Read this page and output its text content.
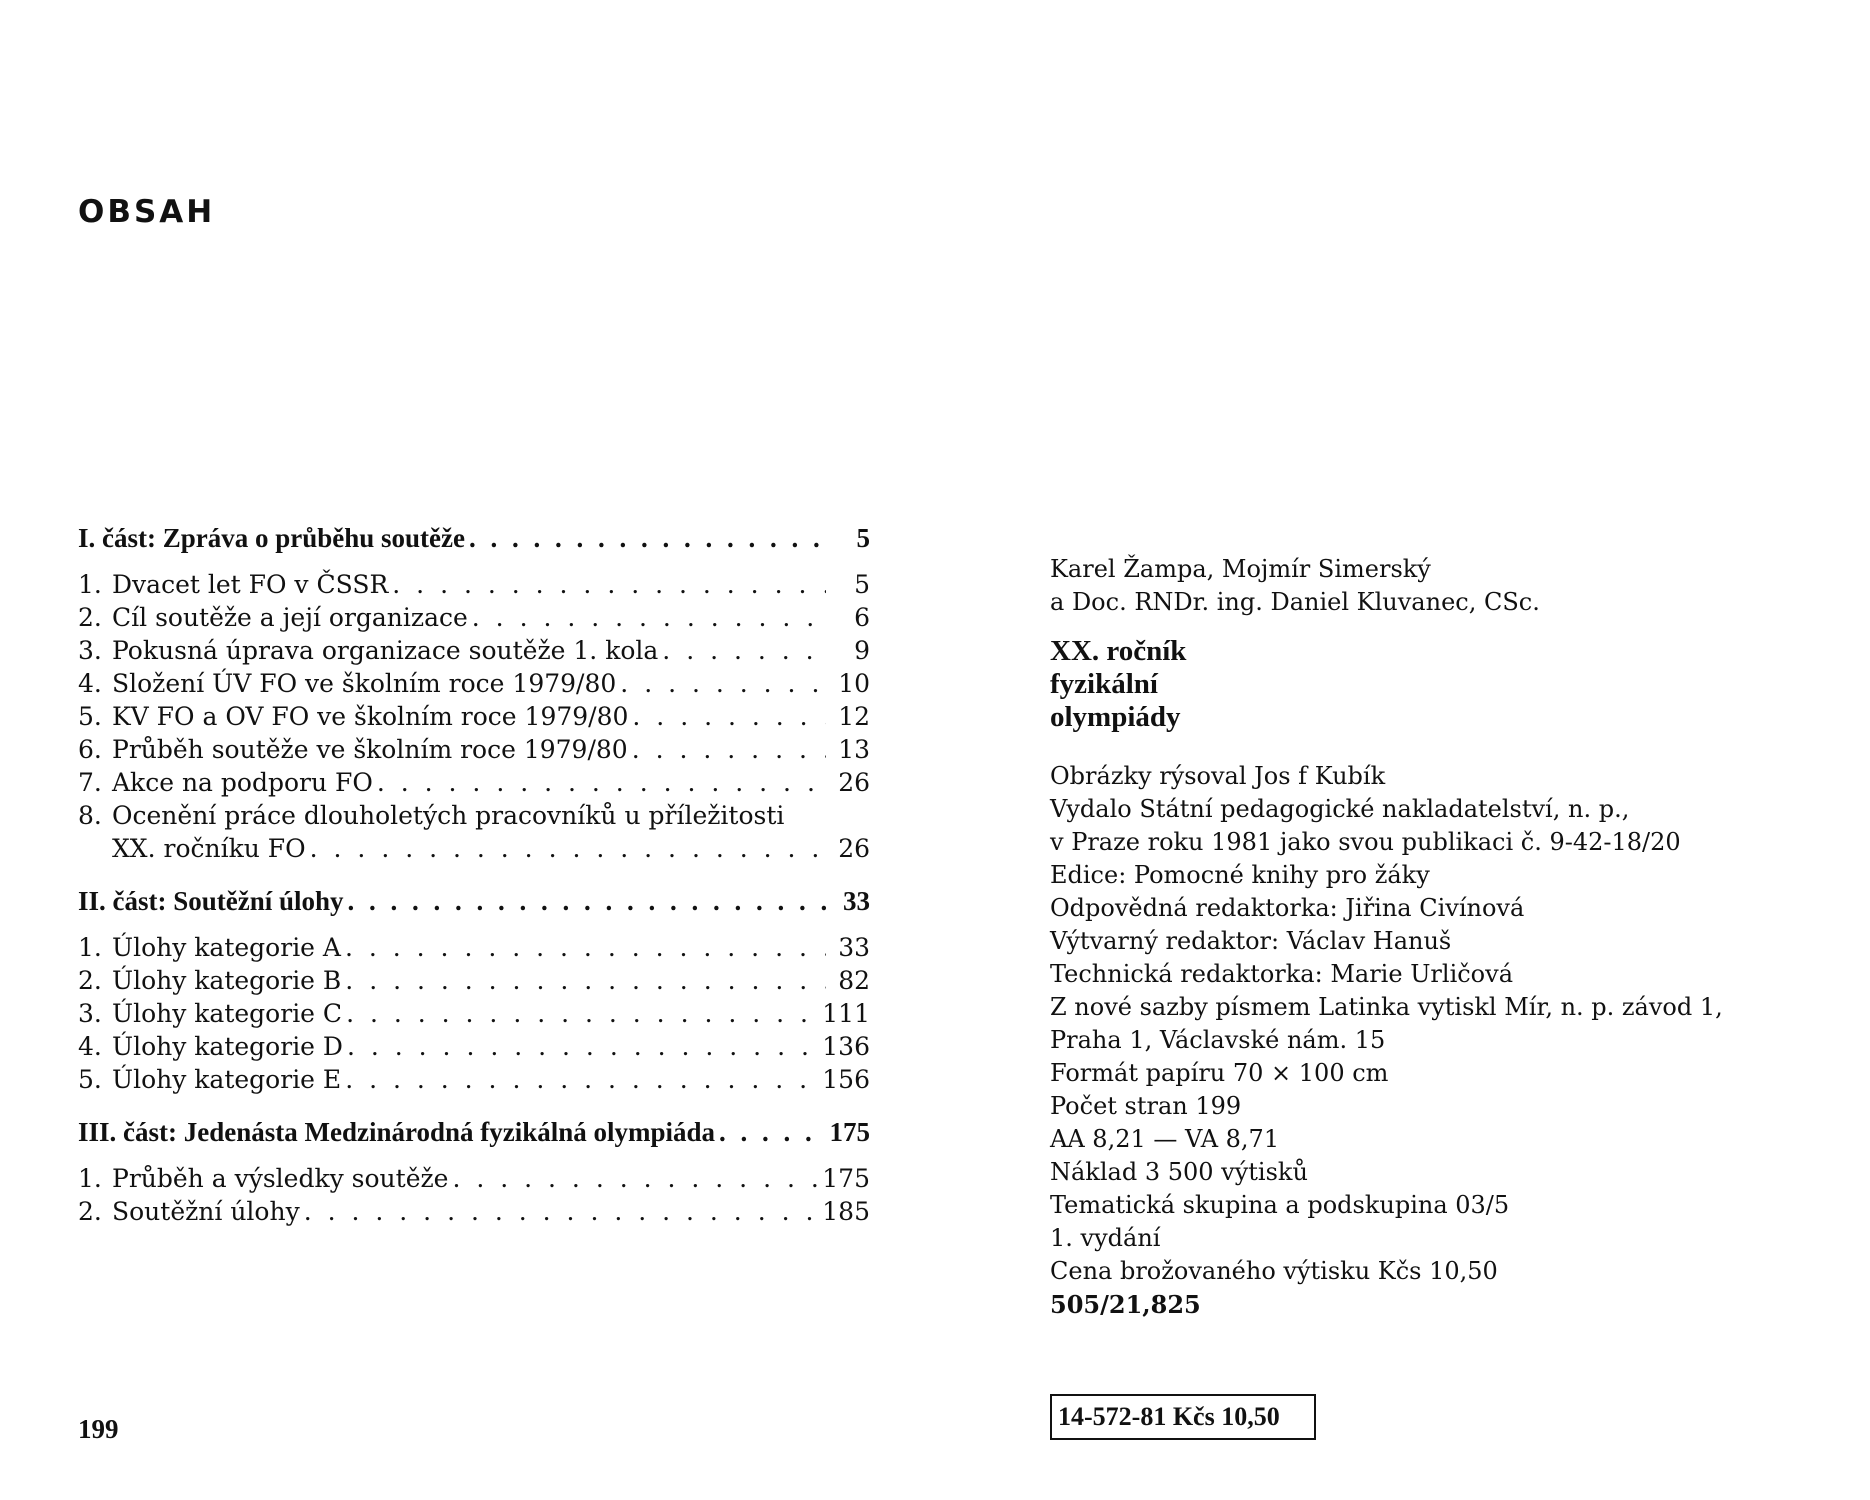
OBSAH
I. část: Zpráva o průběhu soutěže . . .	5
1. Dvacet let FO v ČSSR . . .	5
2. Cíl soutěže a její organizace . . .	6
3. Pokusná úprava organizace soutěže 1. kola . . .	9
4. Složení ÚV FO ve školním roce 1979/80 . . .	10
5. KV FO a OV FO ve školním roce 1979/80 . . .	12
6. Průběh soutěže ve školním roce 1979/80 . . .	13
7. Akce na podporu FO . . .	26
8. Ocenění práce dlouholetých pracovníků u příležitosti
XX. ročníku FO . . .	26
II. část: Soutěžní úlohy . . .	33
1. Úlohy kategorie A . . .	33
2. Úlohy kategorie B . . .	82
3. Úlohy kategorie C . . .	111
4. Úlohy kategorie D . . .	136
5. Úlohy kategorie E . . .	156
III. část: Jedenásta Medzinárodná fyzikálná olympiáda . . .	175
1. Průběh a výsledky soutěže . . .	175
2. Soutěžní úlohy . . .	185
199
Karel Žampa, Mojmír Simerský
a Doc. RNDr. ing. Daniel Kluvanec, CSc.
XX. ročník
fyzikální
olympiády
Obrázky rýsoval Jos f Kubík
Vydalo Státní pedagogické nakladatelství, n. p.,
v Praze roku 1981 jako svou publikaci č. 9-42-18/20
Edice: Pomocné knihy pro žáky
Odpovědná redaktorka: Jiřina Civínová
Výtvarný redaktor: Václav Hanuš
Technická redaktorka: Marie Urličová
Z nové sazby písmem Latinka vytiskl Mír, n. p. závod 1,
Praha 1, Václavské nám. 15
Formát papíru 70 × 100 cm
Počet stran 199
AA 8,21 — VA 8,71
Náklad 3 500 výtisků
Tematická skupina a podskupina 03/5
1. vydání
Cena brožovaného výtisku Kčs 10,50
505/21,825
14-572-81 Kčs 10,50
